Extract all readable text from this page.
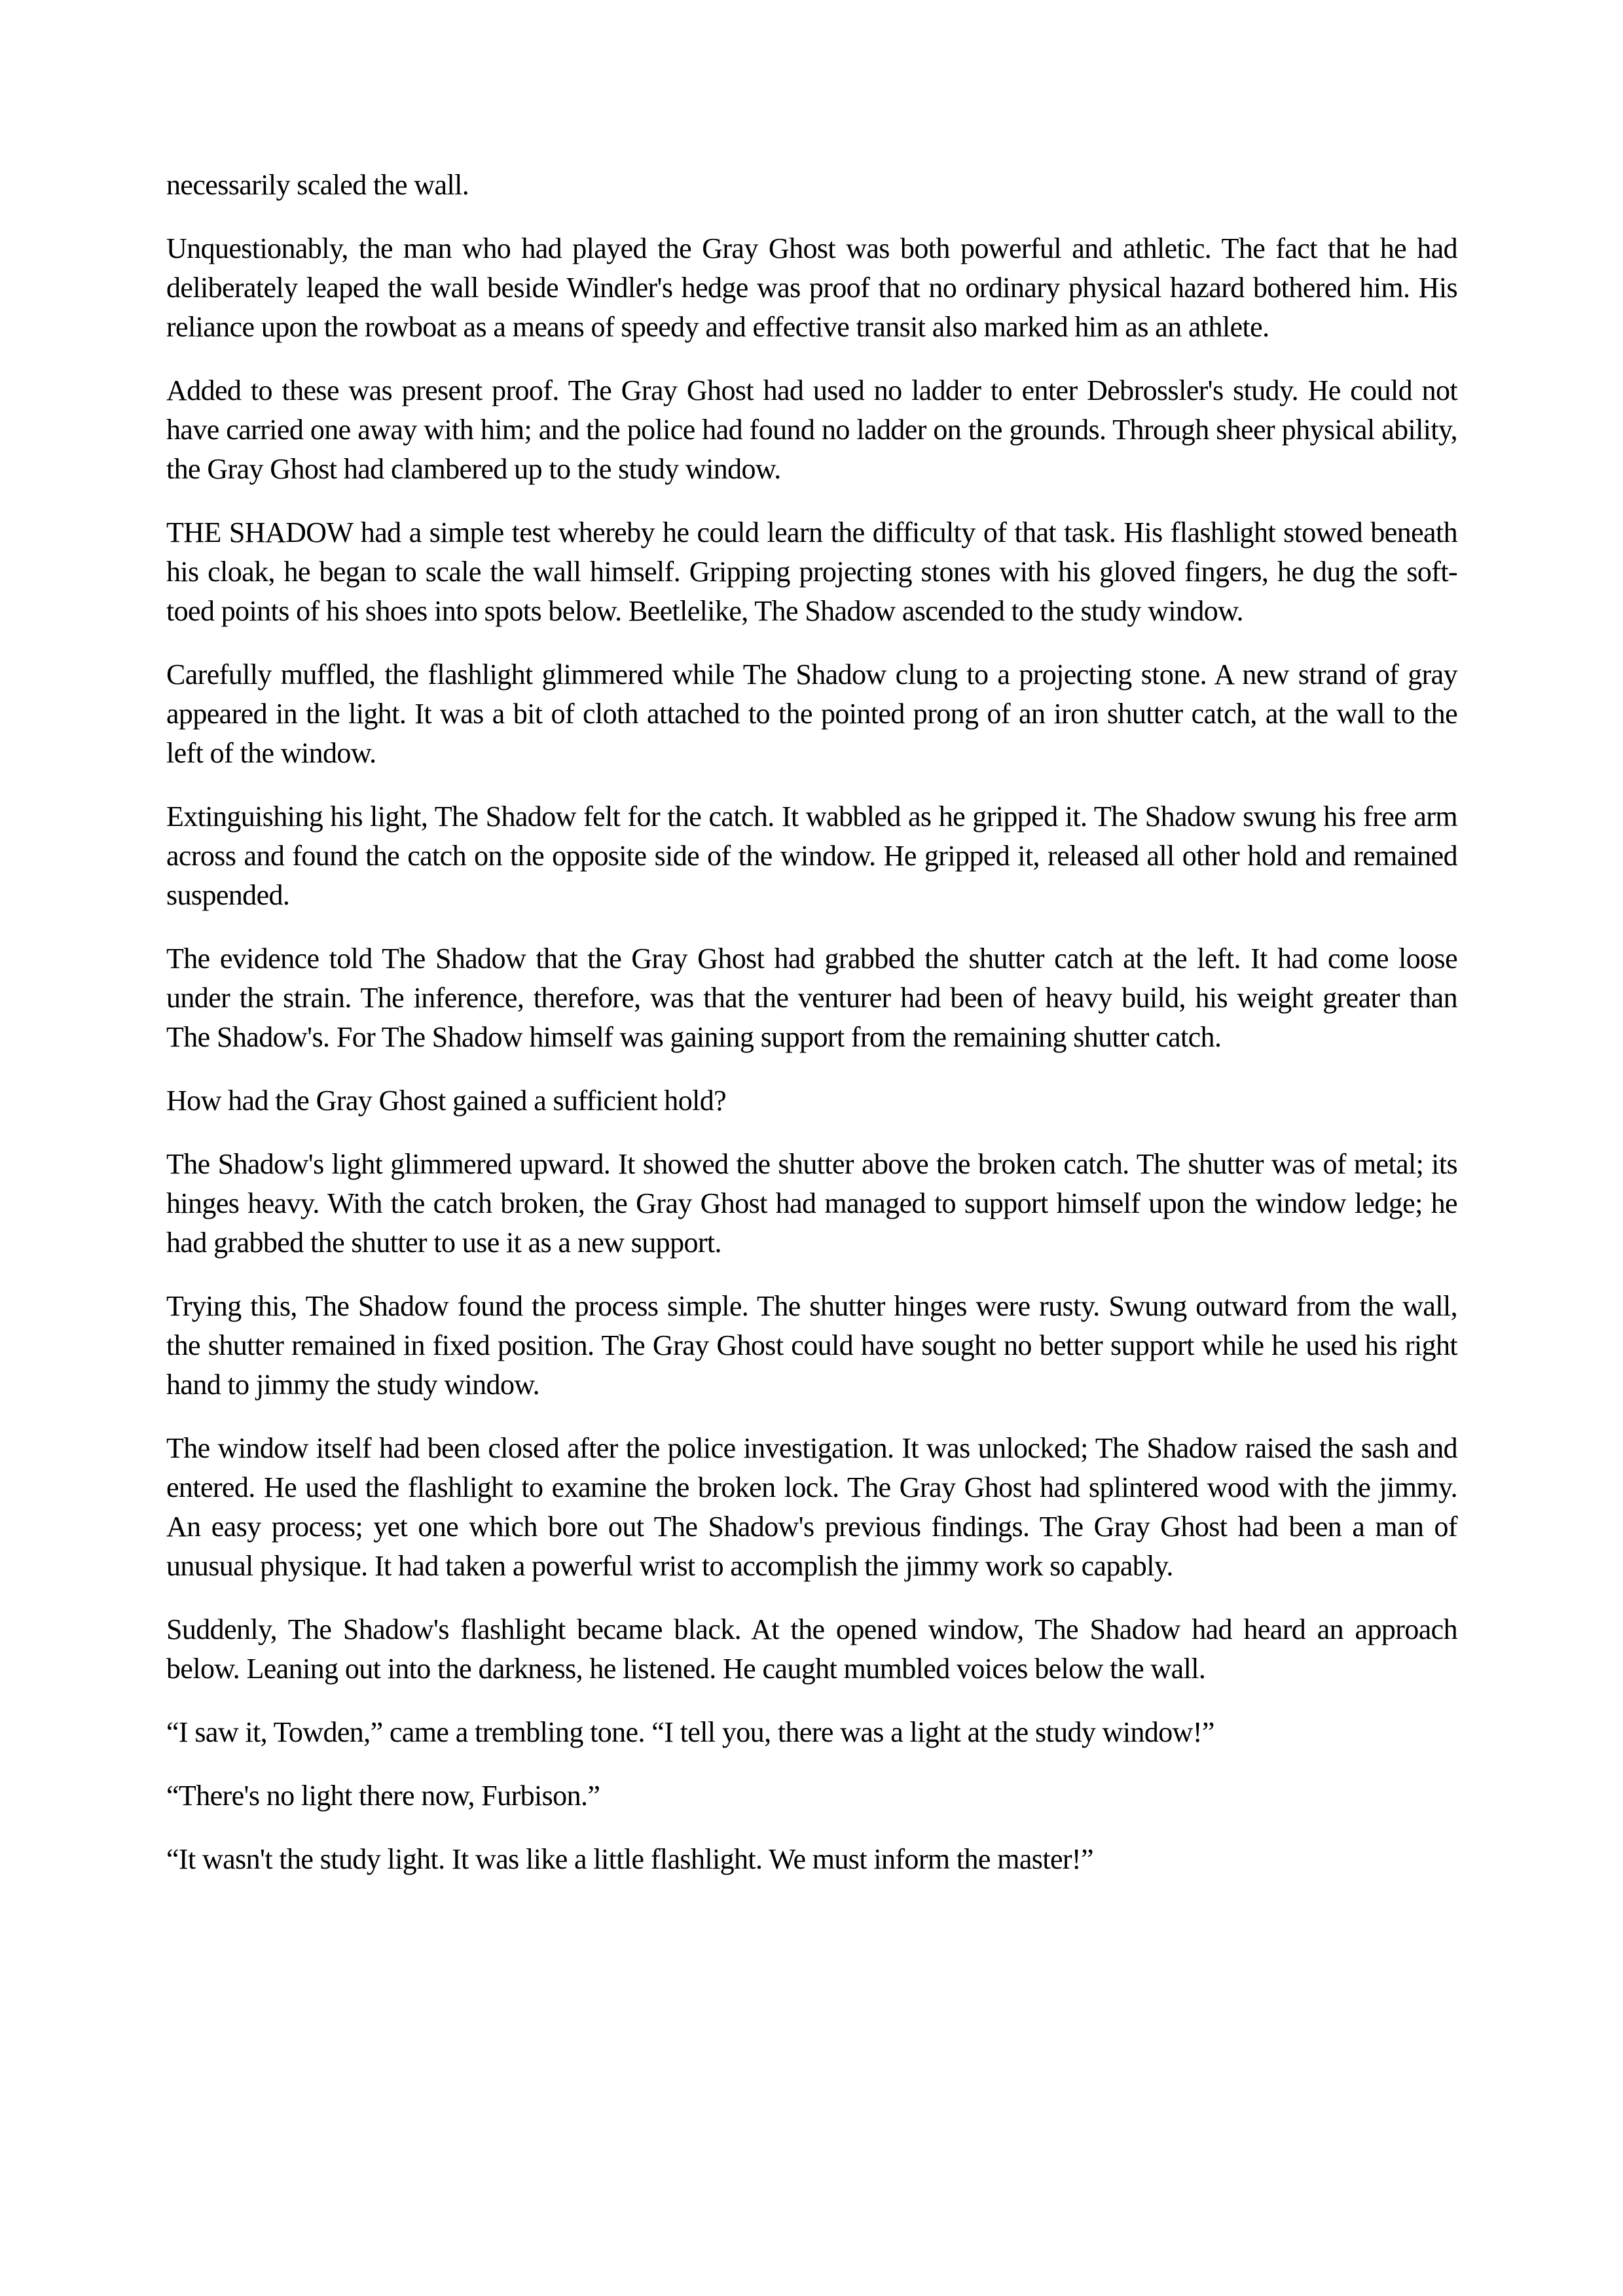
necessarily scaled the wall.

Unquestionably, the man who had played the Gray Ghost was both powerful and athletic. The fact that he had deliberately leaped the wall beside Windler's hedge was proof that no ordinary physical hazard bothered him. His reliance upon the rowboat as a means of speedy and effective transit also marked him as an athlete.

Added to these was present proof. The Gray Ghost had used no ladder to enter Debrossler's study. He could not have carried one away with him; and the police had found no ladder on the grounds. Through sheer physical ability, the Gray Ghost had clambered up to the study window.

THE SHADOW had a simple test whereby he could learn the difficulty of that task. His flashlight stowed beneath his cloak, he began to scale the wall himself. Gripping projecting stones with his gloved fingers, he dug the soft-toed points of his shoes into spots below. Beetlelike, The Shadow ascended to the study window.

Carefully muffled, the flashlight glimmered while The Shadow clung to a projecting stone. A new strand of gray appeared in the light. It was a bit of cloth attached to the pointed prong of an iron shutter catch, at the wall to the left of the window.

Extinguishing his light, The Shadow felt for the catch. It wabbled as he gripped it. The Shadow swung his free arm across and found the catch on the opposite side of the window. He gripped it, released all other hold and remained suspended.

The evidence told The Shadow that the Gray Ghost had grabbed the shutter catch at the left. It had come loose under the strain. The inference, therefore, was that the venturer had been of heavy build, his weight greater than The Shadow's. For The Shadow himself was gaining support from the remaining shutter catch.

How had the Gray Ghost gained a sufficient hold?

The Shadow's light glimmered upward. It showed the shutter above the broken catch. The shutter was of metal; its hinges heavy. With the catch broken, the Gray Ghost had managed to support himself upon the window ledge; he had grabbed the shutter to use it as a new support.

Trying this, The Shadow found the process simple. The shutter hinges were rusty. Swung outward from the wall, the shutter remained in fixed position. The Gray Ghost could have sought no better support while he used his right hand to jimmy the study window.

The window itself had been closed after the police investigation. It was unlocked; The Shadow raised the sash and entered. He used the flashlight to examine the broken lock. The Gray Ghost had splintered wood with the jimmy. An easy process; yet one which bore out The Shadow's previous findings. The Gray Ghost had been a man of unusual physique. It had taken a powerful wrist to accomplish the jimmy work so capably.

Suddenly, The Shadow's flashlight became black. At the opened window, The Shadow had heard an approach below. Leaning out into the darkness, he listened. He caught mumbled voices below the wall.

“I saw it, Towden,” came a trembling tone. “I tell you, there was a light at the study window!”

“There's no light there now, Furbison.”

“It wasn't the study light. It was like a little flashlight. We must inform the master!”
